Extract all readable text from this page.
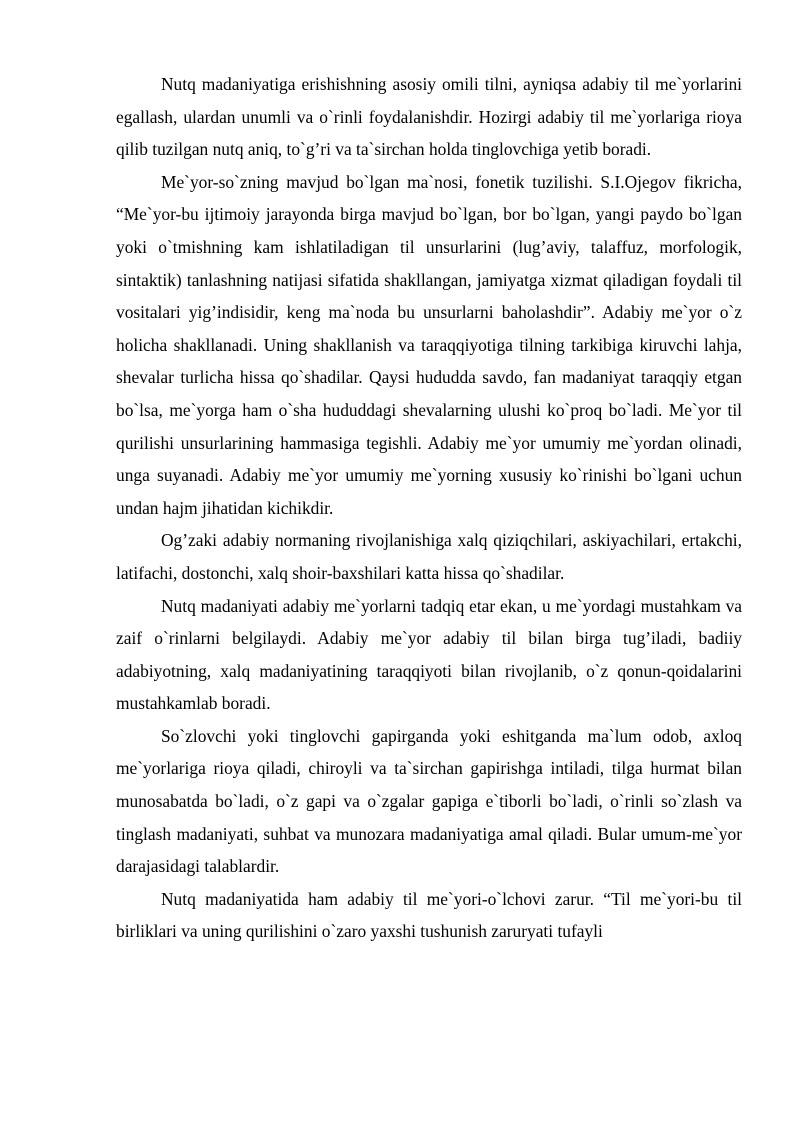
Nutq madaniyatiga erishishning asosiy omili tilni, ayniqsa adabiy til me`yorlarini egallash, ulardan unumli va o`rinli foydalanishdir. Hozirgi adabiy til me`yorlariga rioya qilib tuzilgan nutq aniq, to`g’ri va ta`sirchan holda tinglovchiga yetib boradi.

Me`yor-so`zning mavjud bo`lgan ma`nosi, fonetik tuzilishi. S.I.Ojegov fikricha, “Me`yor-bu ijtimoiy jarayonda birga mavjud bo`lgan, bor bo`lgan, yangi paydo bo`lgan yoki o`tmishning kam ishlatiladigan til unsurlarini (lug’aviy, talaffuz, morfologik, sintaktik) tanlashning natijasi sifatida shakllangan, jamiyatga xizmat qiladigan foydali til vositalari yig’indisidir, keng ma`noda bu unsurlarni baholashdir”. Adabiy me`yor o`z holicha shakllanadi. Uning shakllanish va taraqqiyotiga tilning tarkibiga kiruvchi lahja, shevalar turlicha hissa qo`shadilar. Qaysi hududda savdo, fan madaniyat taraqqiy etgan bo`lsa, me`yorga ham o`sha hududdagi shevalarning ulushi ko`proq bo`ladi. Me`yor til qurilishi unsurlarining hammasiga tegishli. Adabiy me`yor umumiy me`yordan olinadi, unga suyanadi. Adabiy me`yor umumiy me`yorning xususiy ko`rinishi bo`lgani uchun undan hajm jihatidan kichikdir.

Og’zaki adabiy normaning rivojlanishiga xalq qiziqchilari, askiyachilari, ertakchi, latifachi, dostonchi, xalq shoir-baxshilari katta hissa qo`shadilar.

Nutq madaniyati adabiy me`yorlarni tadqiq etar ekan, u me`yordagi mustahkam va zaif o`rinlarni belgilaydi. Adabiy me`yor adabiy til bilan birga tug’iladi, badiiy adabiyotning, xalq madaniyatining taraqqiyoti bilan rivojlanib, o`z qonun-qoidalarini mustahkamlab boradi.

So`zlovchi yoki tinglovchi gapirganda yoki eshitganda ma`lum odob, axloq me`yorlariga rioya qiladi, chiroyli va ta`sirchan gapirishga intiladi, tilga hurmat bilan munosabatda bo`ladi, o`z gapi va o`zgalar gapiga e`tiborli bo`ladi, o`rinli so`zlash va tinglash madaniyati, suhbat va munozara madaniyatiga amal qiladi. Bular umum-me`yor darajasidagi talablardir.

Nutq madaniyatida ham adabiy til me`yori-o`lchovi zarur. “Til me`yori-bu til birliklari va uning qurilishini o`zaro yaxshi tushunish zaruryati tufayli
